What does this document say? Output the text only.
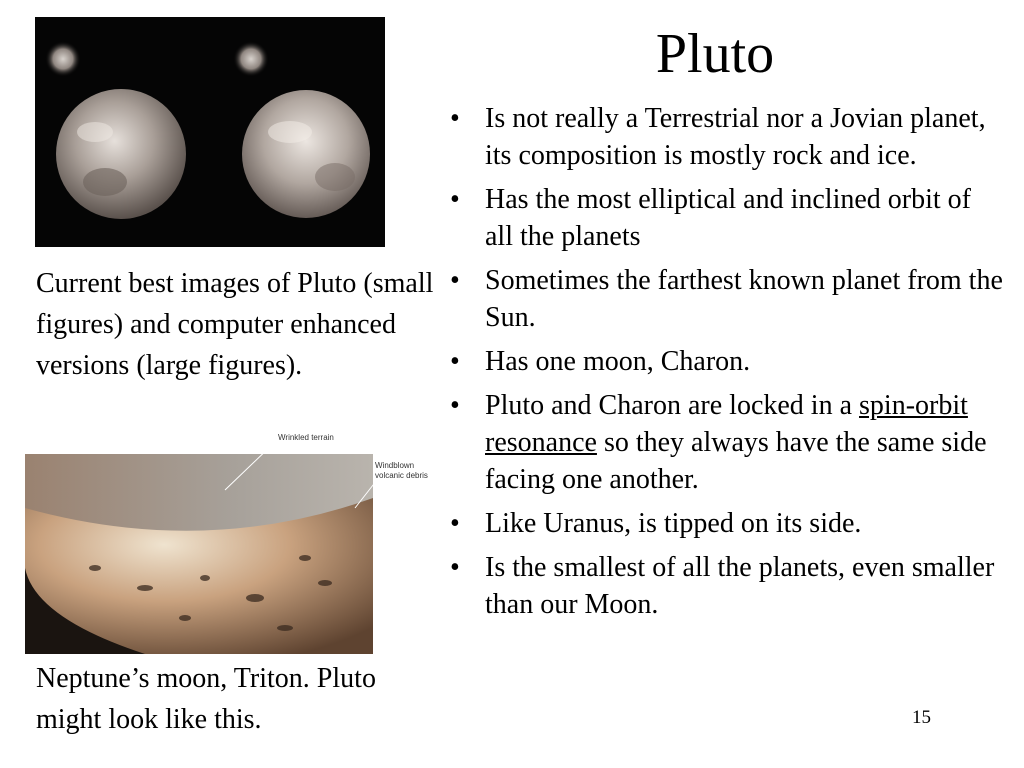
Wrinkled terrain
Windblown
volcanic debris
Pluto
• Is not really a Terrestrial nor a Jovian planet, its composition is mostly rock and ice.
• Has the most elliptical and inclined orbit of all the planets
• Sometimes the farthest known planet from the Sun.
• Has one moon, Charon.
• Pluto and Charon are locked in a spin-orbit resonance so they always have the same side facing one another.
• Like Uranus, is tipped on its side.
• Is the smallest of all the planets, even smaller than our Moon.
Current best images of Pluto (small figures) and computer enhanced versions (large figures).
Neptune’s moon, Triton. Pluto might look like this.	15
